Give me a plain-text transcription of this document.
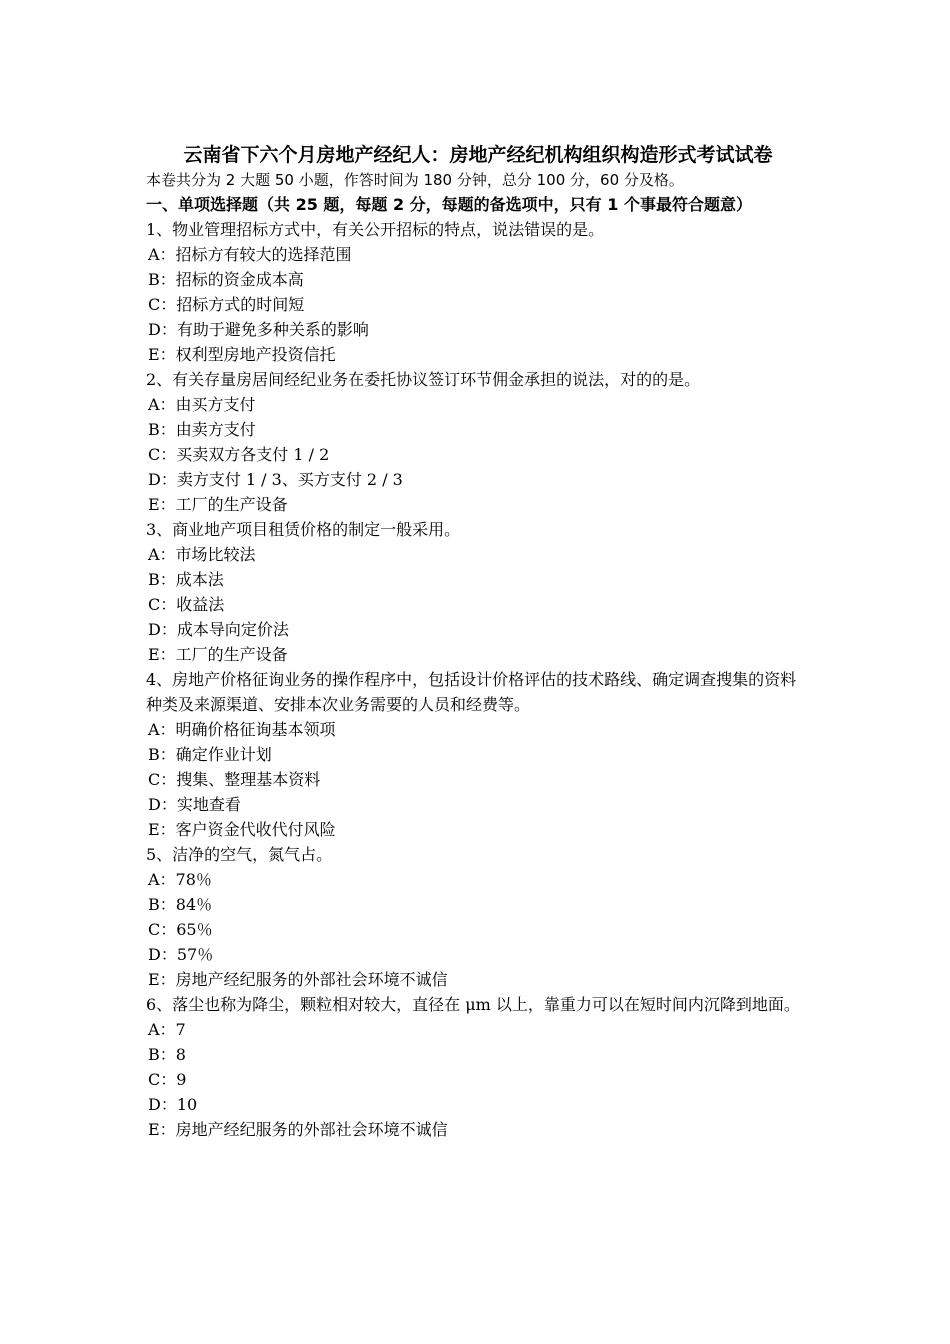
云南省下六个月房地产经纪人：房地产经纪机构组织构造形式考试试卷

本卷共分为 2 大题 50 小题，作答时间为 180 分钟，总分 100 分，60 分及格。

一、单项选择题（共 25 题，每题 2 分，每题的备选项中，只有 1 个事最符合题意）

1、物业管理招标方式中，有关公开招标的特点，说法错误的是。

A：招标方有较大的选择范围

B：招标的资金成本高

C：招标方式的时间短

D：有助于避免多种关系的影响

E：权利型房地产投资信托

2、有关存量房居间经纪业务在委托协议签订环节佣金承担的说法，对的的是。

A：由买方支付

B：由卖方支付

C：买卖双方各支付 1 / 2

D：卖方支付 1 / 3、买方支付 2 / 3

E：工厂的生产设备

3、商业地产项目租赁价格的制定一般采用。

A：市场比较法

B：成本法

C：收益法

D：成本导向定价法

E：工厂的生产设备

4、房地产价格征询业务的操作程序中，包括设计价格评估的技术路线、确定调查搜集的资料种类及来源渠道、安排本次业务需要的人员和经费等。

A：明确价格征询基本领项

B：确定作业计划

C：搜集、整理基本资料

D：实地查看

E：客户资金代收代付风险

5、洁净的空气，氮气占。

A：78％

B：84％

C：65％

D：57％

E：房地产经纪服务的外部社会环境不诚信

6、落尘也称为降尘，颗粒相对较大，直径在 μm 以上，靠重力可以在短时间内沉降到地面。

A：7

B：8

C：9

D：10

E：房地产经纪服务的外部社会环境不诚信
